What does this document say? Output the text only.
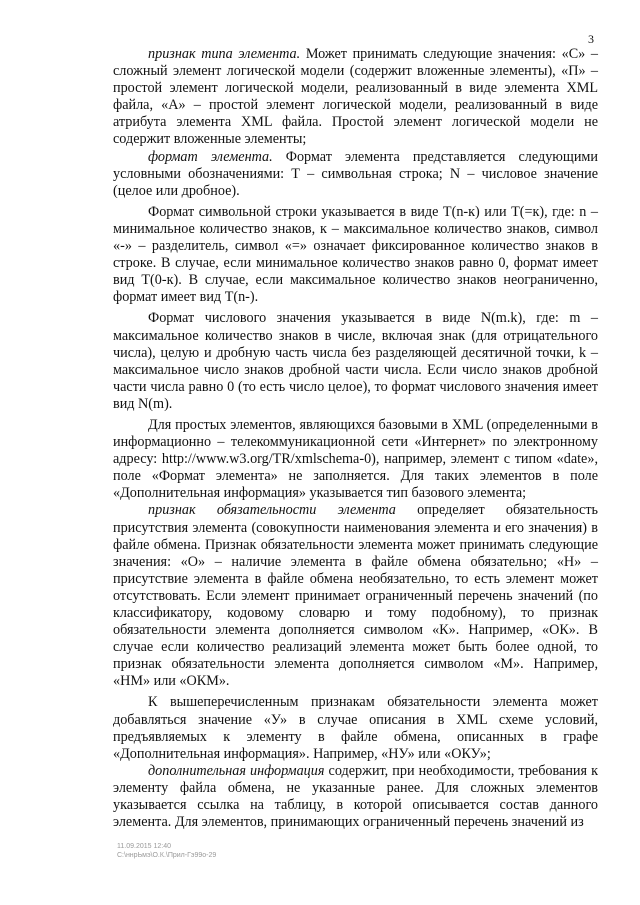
3

признак типа элемента. Может принимать следующие значения: «С» – сложный элемент логической модели (содержит вложенные элементы), «П» – простой элемент логической модели, реализованный в виде элемента XML файла, «А» – простой элемент логической модели, реализованный в виде атрибута элемента XML файла. Простой элемент логической модели не содержит вложенные элементы;

формат элемента. Формат элемента представляется следующими условными обозначениями: Т – символьная строка; N – числовое значение (целое или дробное).

Формат символьной строки указывается в виде Т(n-к) или Т(=к), где: n – минимальное количество знаков, к – максимальное количество знаков, символ «-» – разделитель, символ «=» означает фиксированное количество знаков в строке. В случае, если минимальное количество знаков равно 0, формат имеет вид Т(0-к). В случае, если максимальное количество знаков неограниченно, формат имеет вид Т(n-).

Формат числового значения указывается в виде N(m.k), где: m – максимальное количество знаков в числе, включая знак (для отрицательного числа), целую и дробную часть числа без разделяющей десятичной точки, k – максимальное число знаков дробной части числа. Если число знаков дробной части числа равно 0 (то есть число целое), то формат числового значения имеет вид N(m).

Для простых элементов, являющихся базовыми в XML (определенными в информационно – телекоммуникационной сети «Интернет» по электронному адресу: http://www.w3.org/TR/xmlschema-0), например, элемент с типом «date», поле «Формат элемента» не заполняется. Для таких элементов в поле «Дополнительная информация» указывается тип базового элемента;

признак обязательности элемента определяет обязательность присутствия элемента (совокупности наименования элемента и его значения) в файле обмена. Признак обязательности элемента может принимать следующие значения: «О» – наличие элемента в файле обмена обязательно; «Н» – присутствие элемента в файле обмена необязательно, то есть элемент может отсутствовать. Если элемент принимает ограниченный перечень значений (по классификатору, кодовому словарю и тому подобному), то признак обязательности элемента дополняется символом «К». Например, «ОК». В случае если количество реализаций элемента может быть более одной, то признак обязательности элемента дополняется символом «М». Например, «НМ» или «ОКМ».

К вышеперечисленным признакам обязательности элемента может добавляться значение «У» в случае описания в XML схеме условий, предъявляемых к элементу в файле обмена, описанных в графе «Дополнительная информация». Например, «НУ» или «ОКУ»;

дополнительная информация содержит, при необходимости, требования к элементу файла обмена, не указанные ранее. Для сложных элементов указывается ссылка на таблицу, в которой описывается состав данного элемента. Для элементов, принимающих ограниченный перечень значений из

11.09.2015 12:40
С:\ннрЬмэ\О.К.\Прил-Гэ99о-29
